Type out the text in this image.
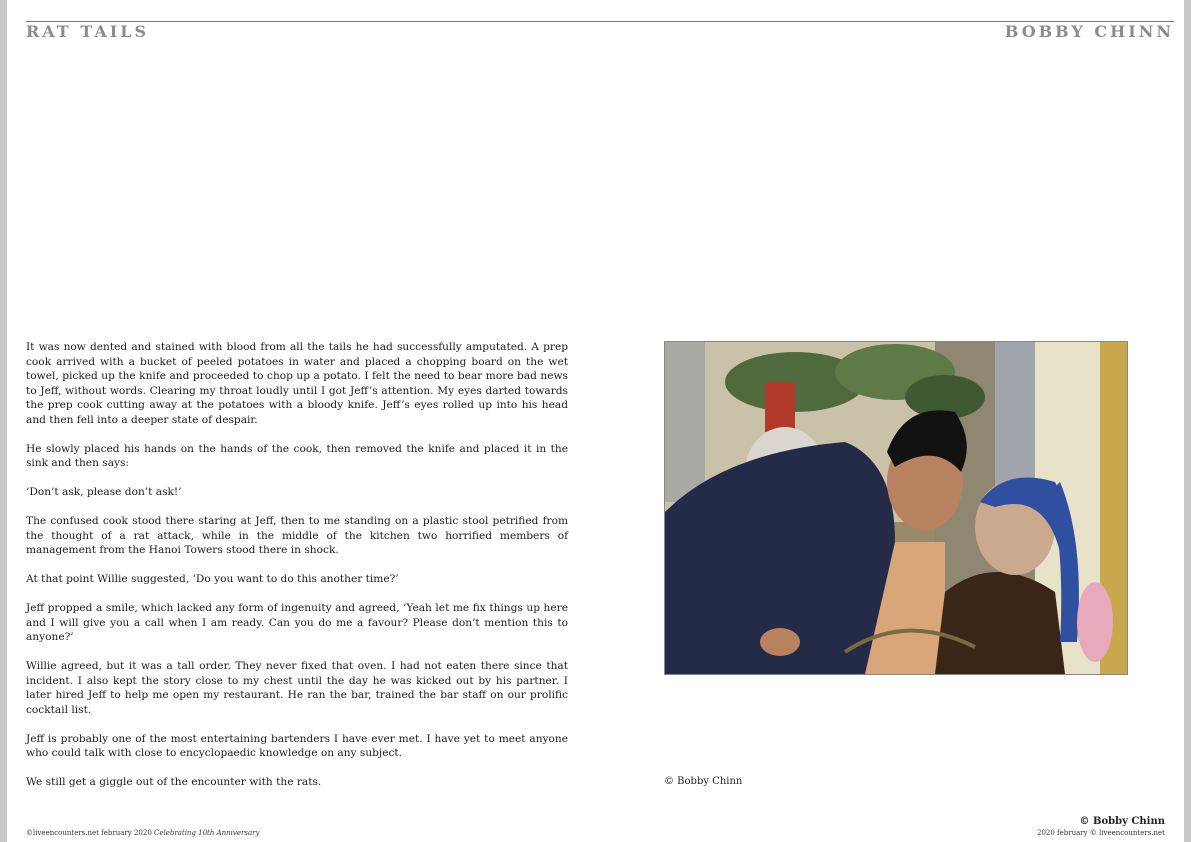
RAT TAILS	BOBBY CHINN

It was now dented and stained with blood from all the tails he had successfully amputated. A prep cook arrived with a bucket of peeled potatoes in water and placed a chopping board on the wet towel, picked up the knife and proceeded to chop up a potato. I felt the need to bear more bad news to Jeff, without words. Clearing my throat loudly until I got Jeff’s attention. My eyes darted towards the prep cook cutting away at the potatoes with a bloody knife. Jeff’s eyes rolled up into his head and then fell into a deeper state of despair.

He slowly placed his hands on the hands of the cook, then removed the knife and placed it in the sink and then says:

‘Don’t ask, please don’t ask!’

The confused cook stood there staring at Jeff, then to me standing on a plastic stool petrified from the thought of a rat attack, while in the middle of the kitchen two horrified members of management from the Hanoi Towers stood there in shock.

At that point Willie suggested, ‘Do you want to do this another time?’

Jeff propped a smile, which lacked any form of ingenuity and agreed, ‘Yeah let me fix things up here and I will give you a call when I am ready. Can you do me a favour? Please don’t mention this to anyone?’

Willie agreed, but it was a tall order. They never fixed that oven. I had not eaten there since that incident. I also kept the story close to my chest until the day he was kicked out by his partner. I later hired Jeff to help me open my restaurant. He ran the bar, trained the bar staff on our prolific cocktail list.

Jeff is probably one of the most entertaining bartenders I have ever met. I have yet to meet anyone who could talk with close to encyclopaedic knowledge on any subject.

We still get a giggle out of the encounter with the rats.	© Bobby Chinn
©liveencounters.net february 2020 Celebrating 10th Anniversary
© Bobby Chinn
2020 february © liveencounters.net
